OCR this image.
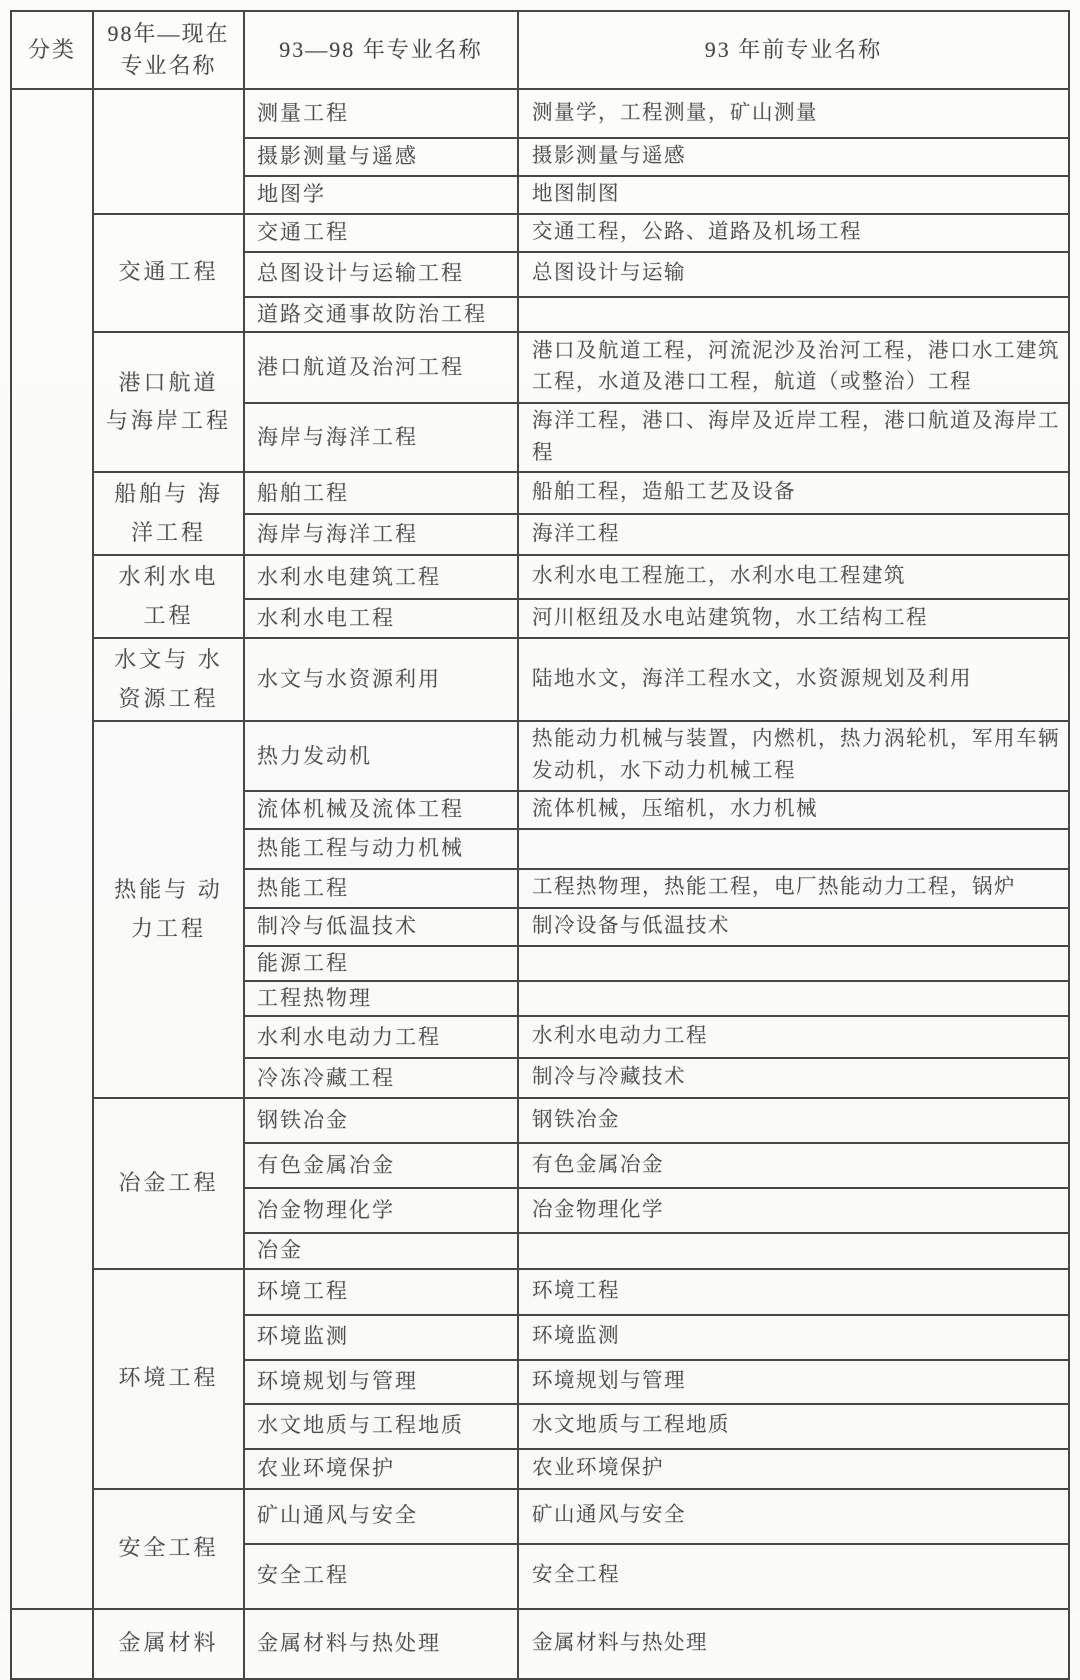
分类	98年—现在专业名称	93—98 年专业名称	93 年前专业名称
		测量工程	测量学，工程测量，矿山测量
		摄影测量与遥感	摄影测量与遥感
		地图学	地图制图
	交通工程	交通工程	交通工程，公路、道路及机场工程
		总图设计与运输工程	总图设计与运输
		道路交通事故防治工程	
	港口航道 与海岸工程	港口航道及治河工程	港口及航道工程，河流泥沙及治河工程，港口水工建筑工程，水道及港口工程，航道（或整治）工程
		海岸与海洋工程	海洋工程，港口、海岸及近岸工程，港口航道及海岸工程
	船舶与 海洋工程	船舶工程	船舶工程，造船工艺及设备
		海岸与海洋工程	海洋工程
	水利水电 工程	水利水电建筑工程	水利水电工程施工，水利水电工程建筑
		水利水电工程	河川枢纽及水电站建筑物，水工结构工程
	水文与 水资源工程	水文与水资源利用	陆地水文，海洋工程水文，水资源规划及利用
	热能与 动力工程	热力发动机	热能动力机械与装置，内燃机，热力涡轮机，军用车辆发动机，水下动力机械工程
		流体机械及流体工程	流体机械，压缩机，水力机械
		热能工程与动力机械	
		热能工程	工程热物理，热能工程，电厂热能动力工程，锅炉
		制冷与低温技术	制冷设备与低温技术
		能源工程	
		工程热物理	
		水利水电动力工程	水利水电动力工程
		冷冻冷藏工程	制冷与冷藏技术
	冶金工程	钢铁冶金	钢铁冶金
		有色金属冶金	有色金属冶金
		冶金物理化学	冶金物理化学
		冶金	
	环境工程	环境工程	环境工程
		环境监测	环境监测
		环境规划与管理	环境规划与管理
		水文地质与工程地质	水文地质与工程地质
		农业环境保护	农业环境保护
	安全工程	矿山通风与安全	矿山通风与安全
		安全工程	安全工程
	金属材料	金属材料与热处理	金属材料与热处理
